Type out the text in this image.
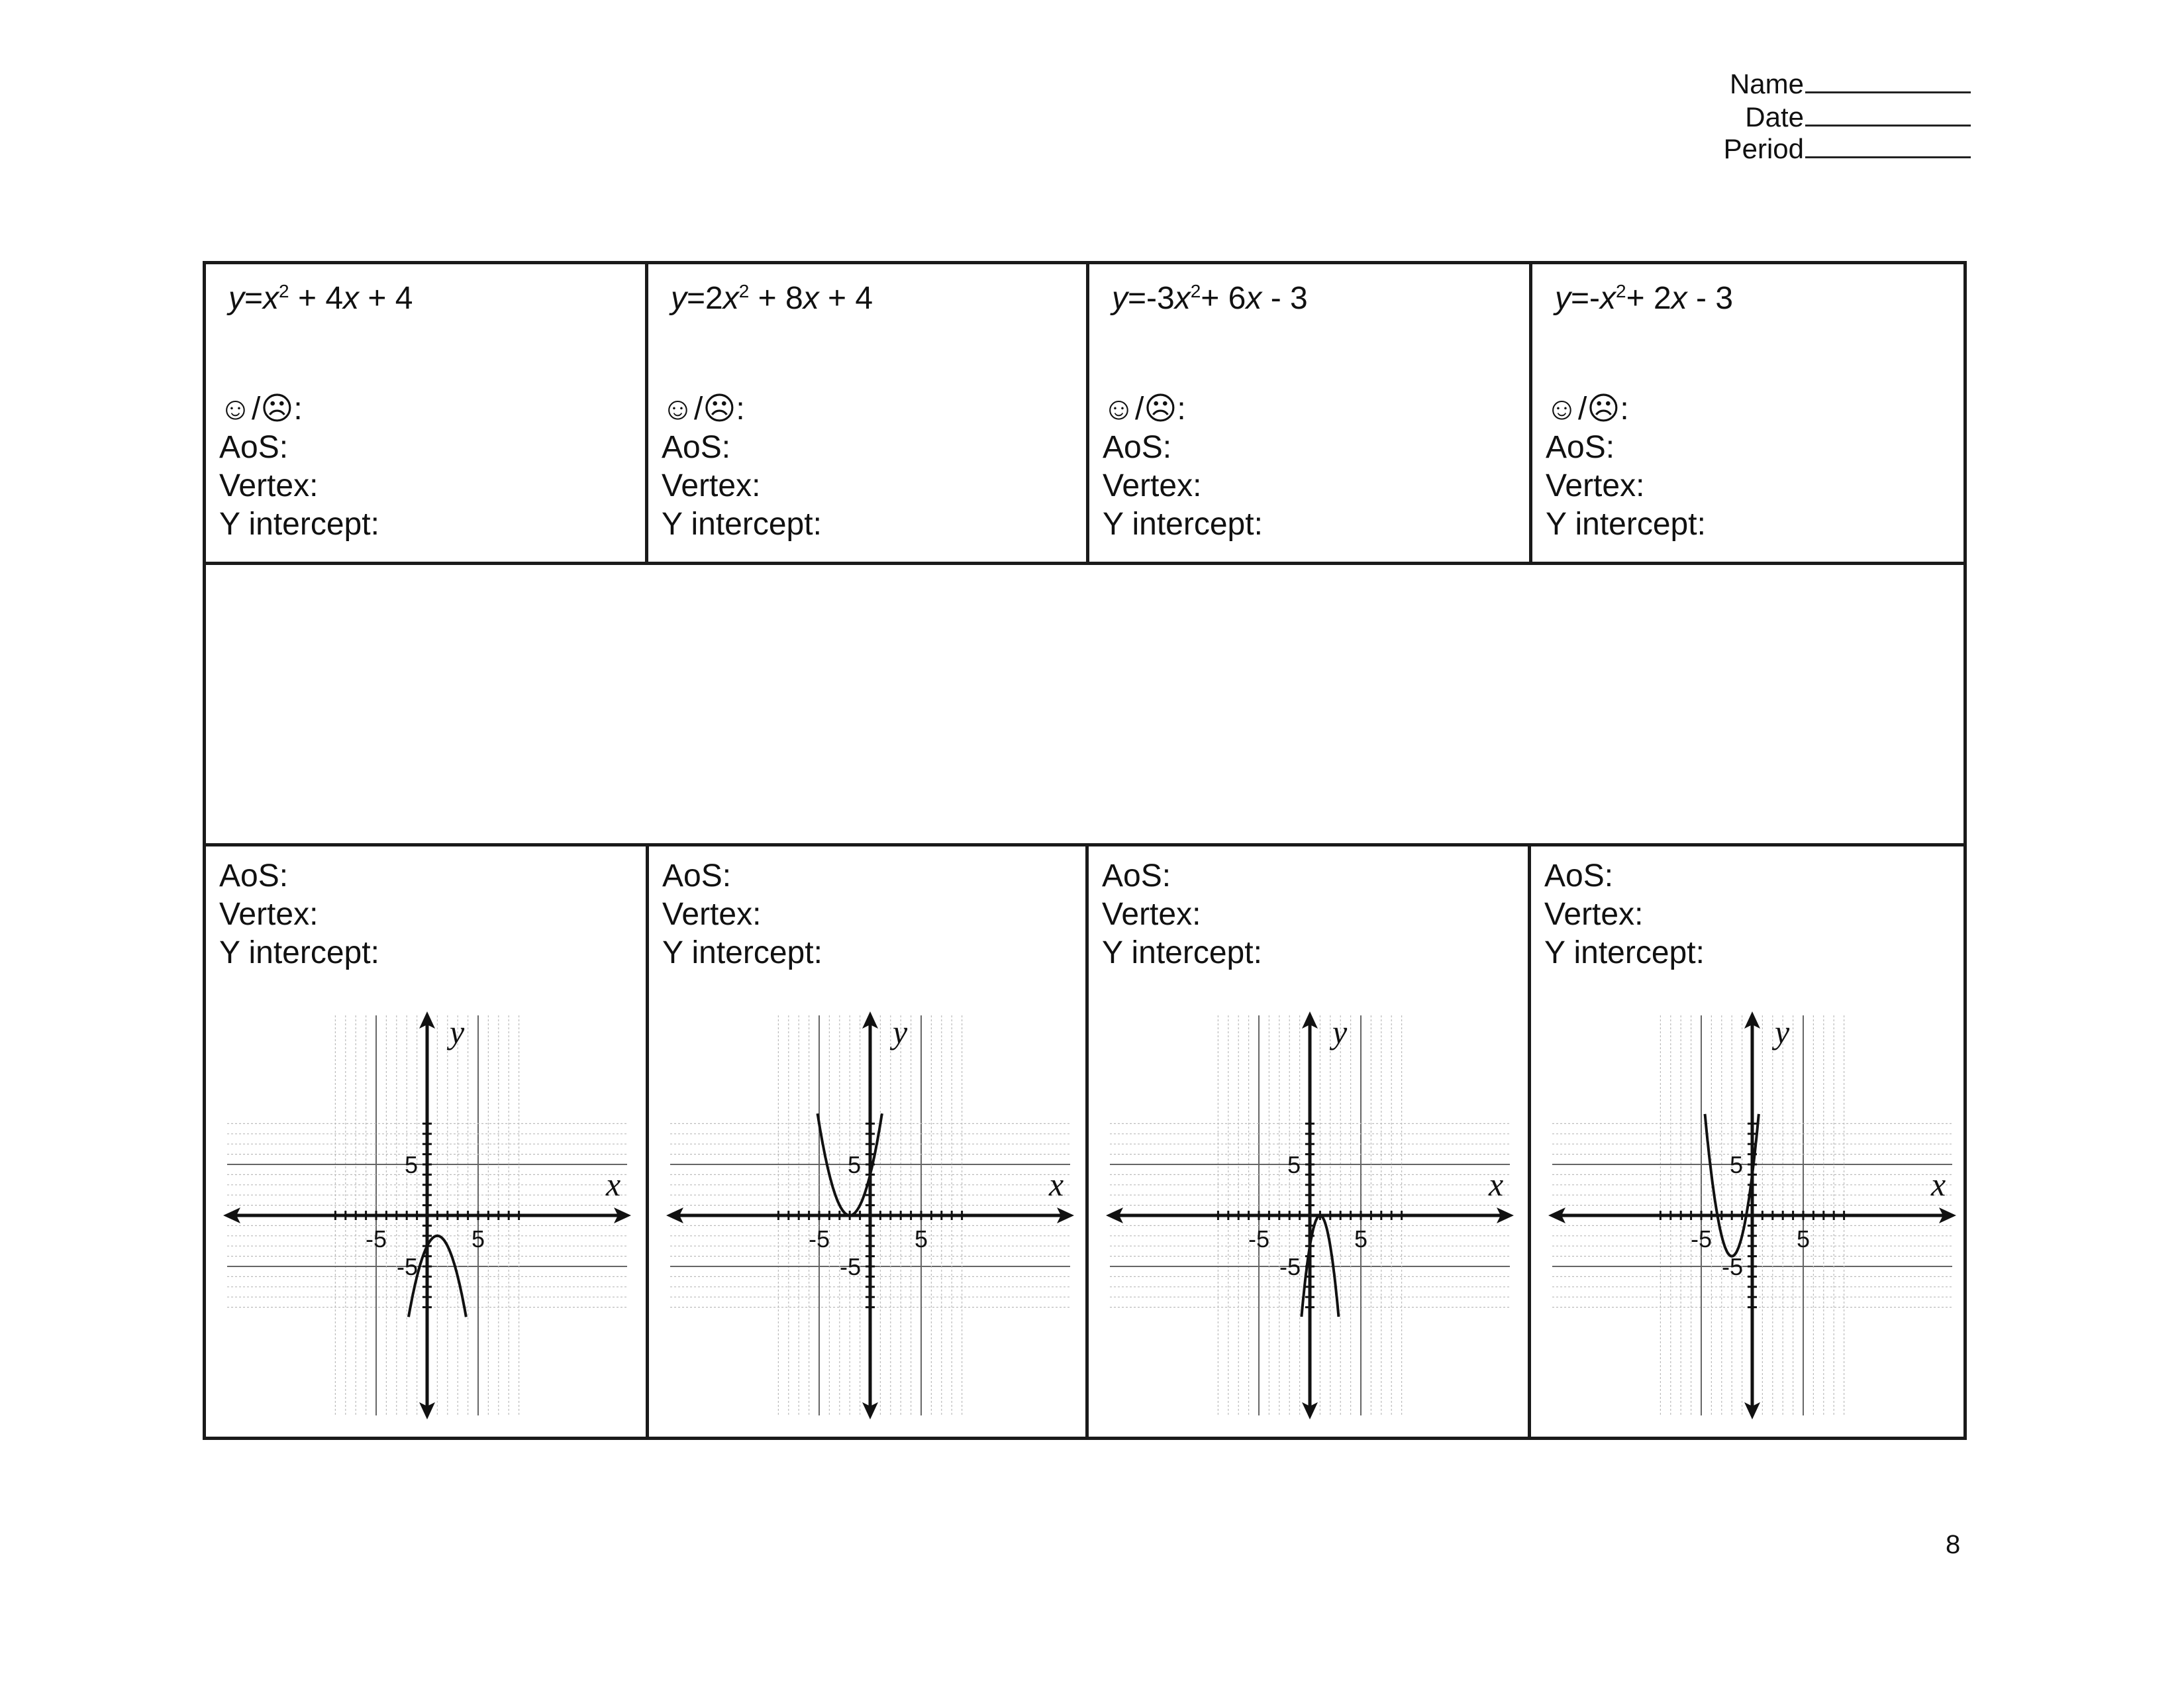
Name
Date
Period
$y=x^2 + 4x + 4$
☺/☹:
AoS:
Vertex:
Y intercept:
$y=2x^2 + 8x + 4$
☺/☹:
AoS:
Vertex:
Y intercept:
$y=-3x^2+ 6x - 3$
☺/☹:
AoS:
Vertex:
Y intercept:
$y=-x^2+ 2x - 3$
☺/☹:
AoS:
Vertex:
Y intercept:
AoS:
Vertex:
Y intercept:
-5	5
5
-5
x
y
AoS:
Vertex:
Y intercept:
-5	5
5
-5
x
y
AoS:
Vertex:
Y intercept:
-5	5
5
-5
x
y
AoS:
Vertex:
Y intercept:
-5	5
5
-5
x
y
8
